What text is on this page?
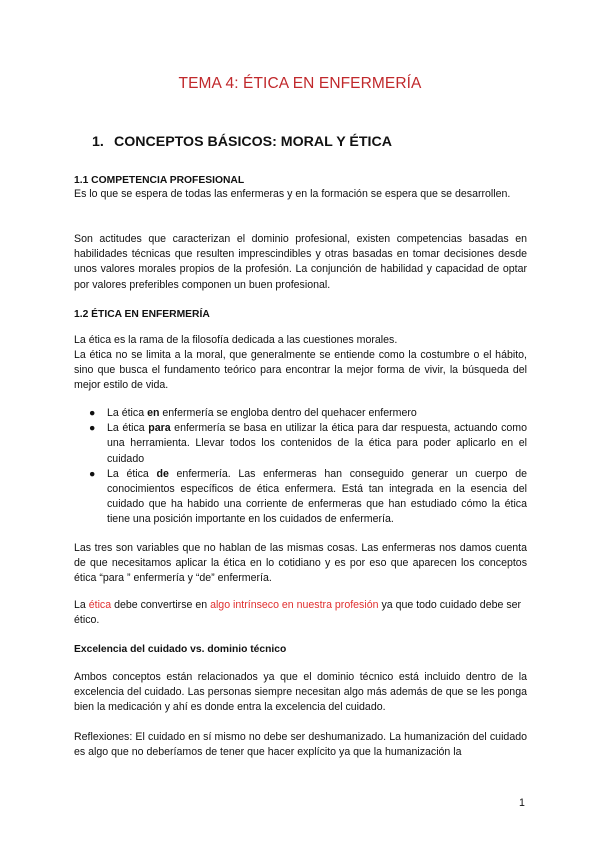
TEMA 4: ÉTICA EN ENFERMERÍA
1. CONCEPTOS BÁSICOS: MORAL Y ÉTICA
1.1 COMPETENCIA PROFESIONAL
Es lo que se espera de todas las enfermeras y en la formación se espera que se desarrollen.
Son actitudes que caracterizan el dominio profesional, existen competencias basadas en habilidades técnicas que resulten imprescindibles y otras basadas en tomar decisiones desde unos valores morales propios de la profesión. La conjunción de habilidad y capacidad de optar por valores preferibles componen un buen profesional.
1.2 ÉTICA EN ENFERMERÍA
La ética es la rama de la filosofía dedicada a las cuestiones morales.
La ética no se limita a la moral, que generalmente se entiende como la costumbre o el hábito, sino que busca el fundamento teórico para encontrar la mejor forma de vivir, la búsqueda del mejor estilo de vida.
● La ética en enfermería se engloba dentro del quehacer enfermero
● La ética para enfermería se basa en utilizar la ética para dar respuesta, actuando como una herramienta. Llevar todos los contenidos de la ética para poder aplicarlo en el cuidado
● La ética de enfermería. Las enfermeras han conseguido generar un cuerpo de conocimientos específicos de ética enfermera. Está tan integrada en la esencia del cuidado que ha habido una corriente de enfermeras que han estudiado cómo la ética tiene una posición importante en los cuidados de enfermería.
Las tres son variables que no hablan de las mismas cosas. Las enfermeras nos damos cuenta de que necesitamos aplicar la ética en lo cotidiano y es por eso que aparecen los conceptos ética “para ” enfermería y “de” enfermería.
La ética debe convertirse en algo intrínseco en nuestra profesión ya que todo cuidado debe ser ético.
Excelencia del cuidado vs. dominio técnico
Ambos conceptos están relacionados ya que el dominio técnico está incluido dentro de la excelencia del cuidado. Las personas siempre necesitan algo más además de que se les ponga bien la medicación y ahí es donde entra la excelencia del cuidado.
Reflexiones: El cuidado en sí mismo no debe ser deshumanizado. La humanización del cuidado es algo que no deberíamos de tener que hacer explícito ya que la humanización la
1
